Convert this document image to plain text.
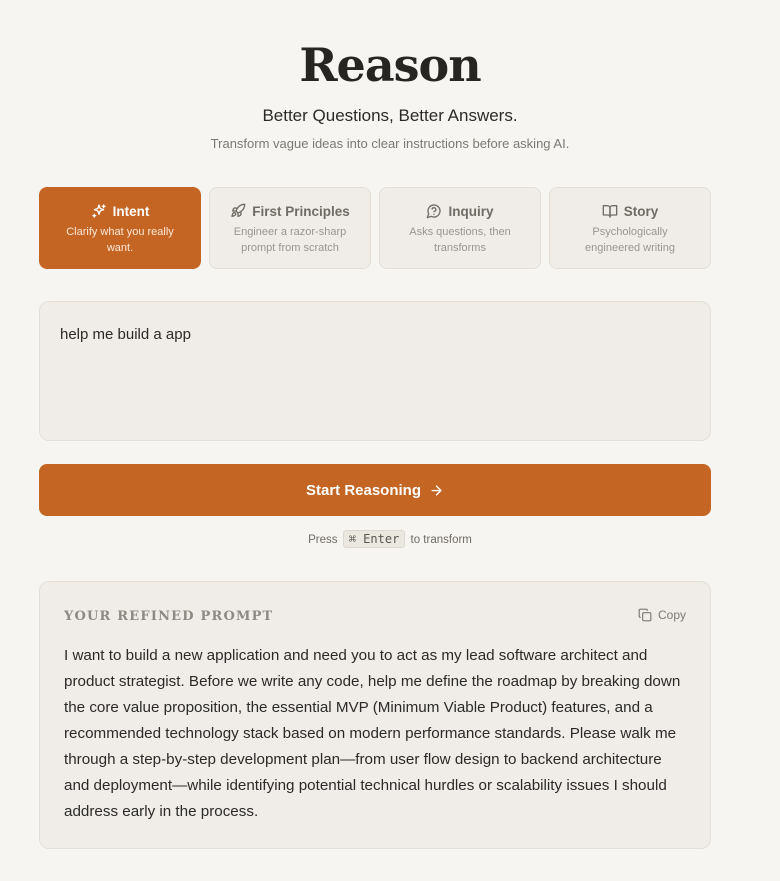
Reason
Better Questions, Better Answers.
Transform vague ideas into clear instructions before asking AI.
Intent
Clarify what you really want.
First Principles
Engineer a razor-sharp prompt from scratch
Inquiry
Asks questions, then transforms
Story
Psychologically engineered writing
help me build a app
Start Reasoning
Press ⌘ Enter to transform
YOUR REFINED PROMPT	Copy
I want to build a new application and need you to act as my lead software architect and product strategist. Before we write any code, help me define the roadmap by breaking down the core value proposition, the essential MVP (Minimum Viable Product) features, and a recommended technology stack based on modern performance standards. Please walk me through a step-by-step development plan—from user flow design to backend architecture and deployment—while identifying potential technical hurdles or scalability issues I should address early in the process.
